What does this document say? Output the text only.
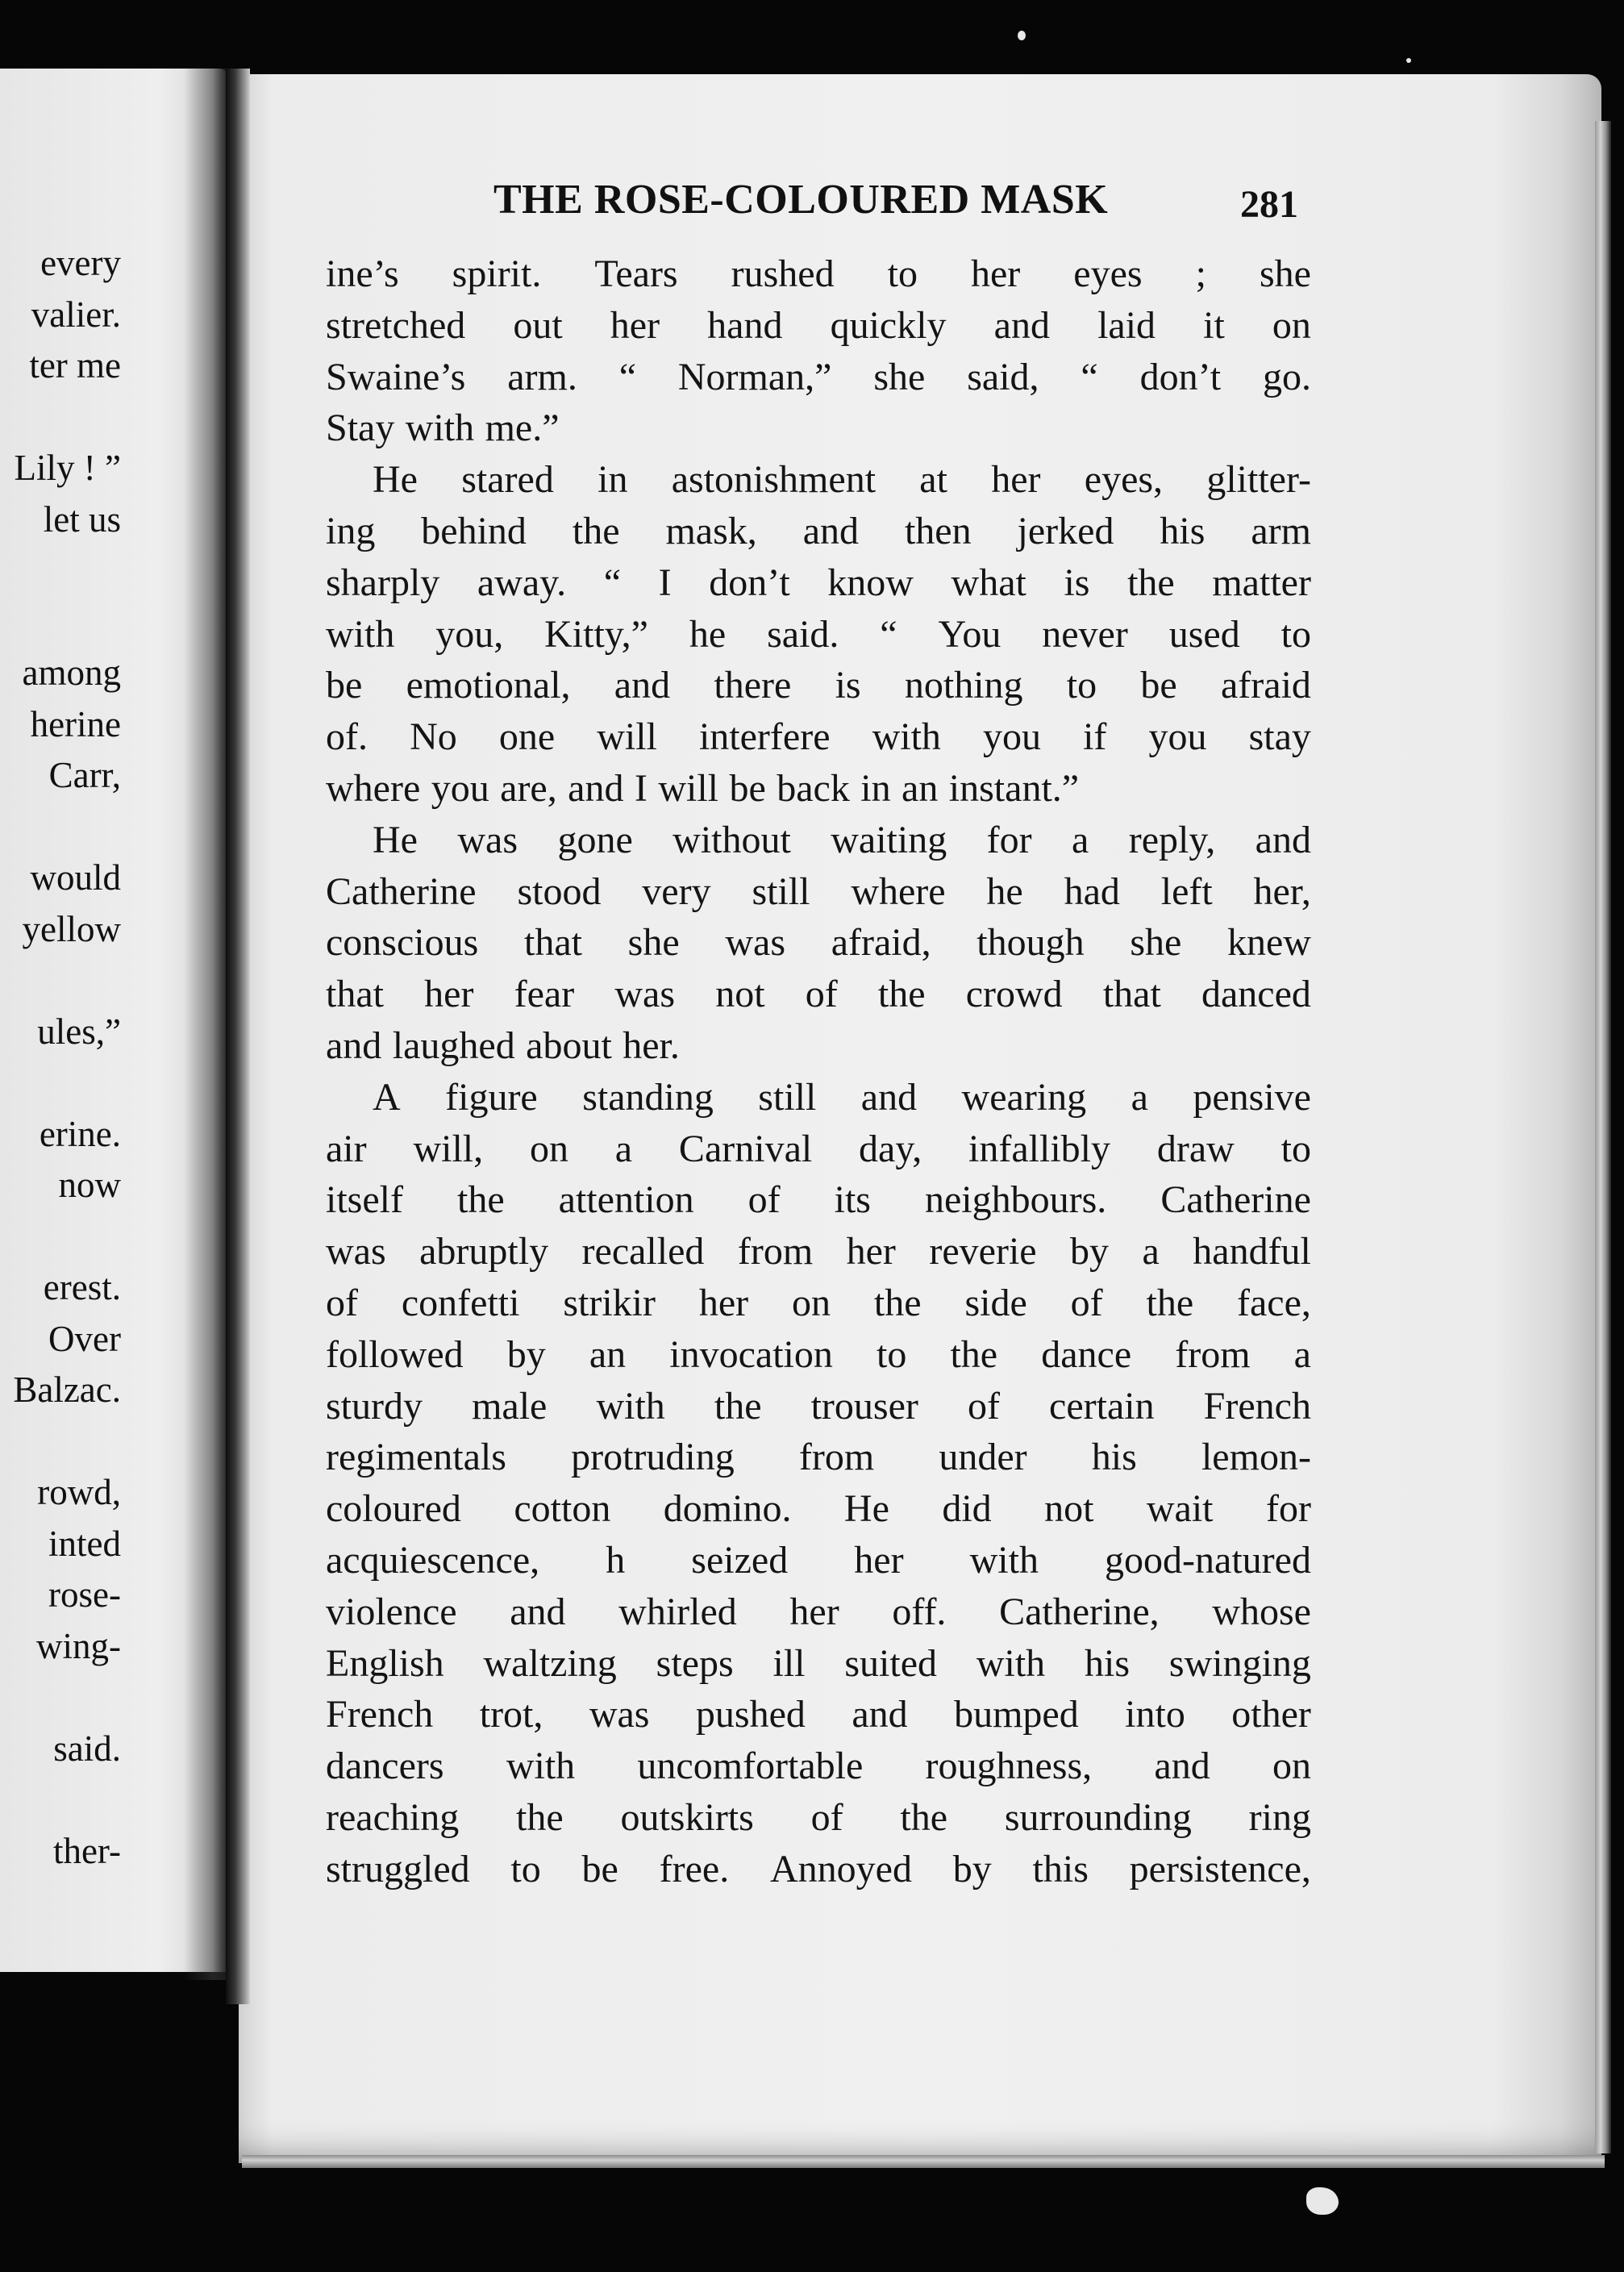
every
valier.
ter me
Lily ! ”
let us
among
herine
Carr,
would
yellow
ules,”
erine.
now
erest.
Over
Balzac.
rowd,
inted
rose-
wing-
said.
ther-
THE ROSE-COLOURED MASK	281
ine’s spirit. Tears rushed to her eyes ; she
stretched out her hand quickly and laid it on
Swaine’s arm. “ Norman,” she said, “ don’t go.
Stay with me.”
He stared in astonishment at her eyes, glitter-
ing behind the mask, and then jerked his arm
sharply away. “ I don’t know what is the matter
with you, Kitty,” he said. “ You never used to
be emotional, and there is nothing to be afraid
of. No one will interfere with you if you stay
where you are, and I will be back in an instant.”
He was gone without waiting for a reply, and
Catherine stood very still where he had left her,
conscious that she was afraid, though she knew
that her fear was not of the crowd that danced
and laughed about her.
A figure standing still and wearing a pensive
air will, on a Carnival day, infallibly draw to
itself the attention of its neighbours. Catherine
was abruptly recalled from her reverie by a handful
of confetti strikir her on the side of the face,
followed by an invocation to the dance from a
sturdy male with the trouser of certain French
regimentals protruding from under his lemon-
coloured cotton domino. He did not wait for
acquiescence, h seized her with good-natured
violence and whirled her off. Catherine, whose
English waltzing steps ill suited with his swinging
French trot, was pushed and bumped into other
dancers with uncomfortable roughness, and on
reaching the outskirts of the surrounding ring
struggled to be free. Annoyed by this persistence,
